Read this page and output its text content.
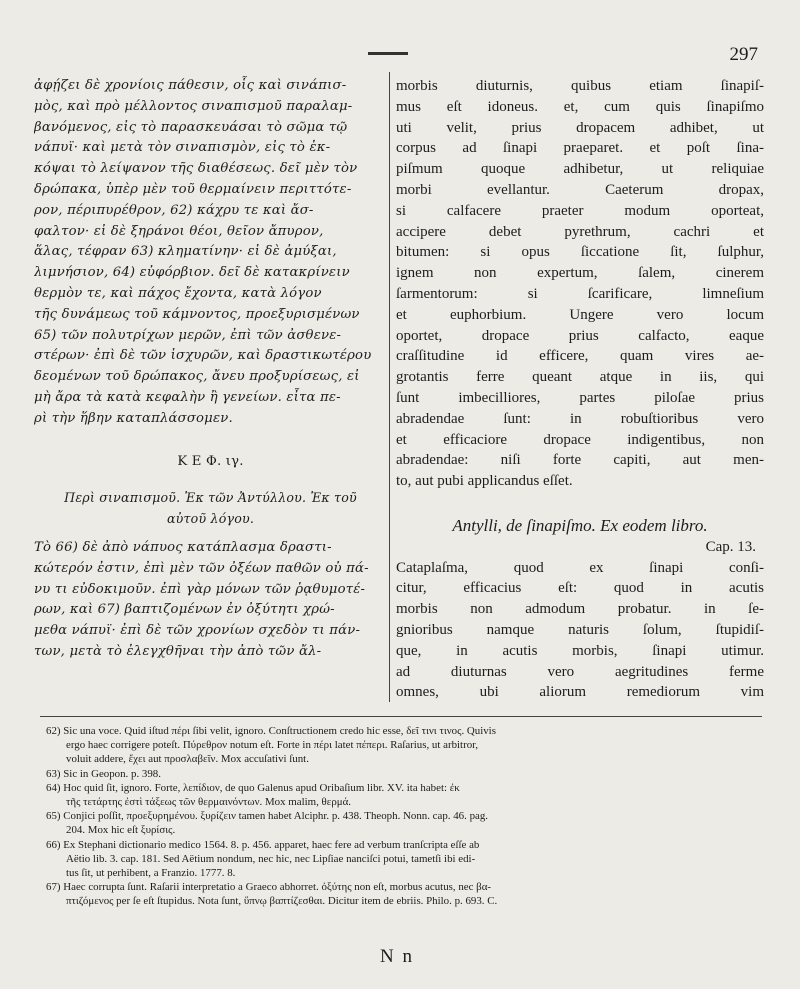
297
ἀφῄζει δὲ χρονίοις πάθεσιν, οἷς καὶ σινάπισ-
μὸς, καὶ πρὸ μέλλοντος σιναπισμοῦ παραλαμ-
βανόμενος, εἰς τὸ παρασκευάσαι τὸ σῶμα τῷ
νάπυϊ· καὶ μετὰ τὸν σιναπισμὸν, εἰς τὸ ἐκ-
κόψαι τὸ λείψανον τῆς διαθέσεως. δεῖ μὲν τὸν
δρώπακα, ὑπὲρ μὲν τοῦ θερμαίνειν περιττότε-
ρον, πέριπυρέθρον, 62) κάχρυ τε καὶ ἄσ-
φαλτον· εἰ δὲ ξηράνοι θέοι, θεῖον ἄπυρον,
ἅλας, τέφραν 63) κληματίνην· εἰ δὲ ἀμύξαι,
λιμνήσιον, 64) εὐφόρβιον. δεῖ δὲ κατακρίνειν
θερμὸν τε, καὶ πάχος ἔχοντα, κατὰ λόγον
τῆς δυνάμεως τοῦ κάμνοντος, προεξυρισμένων
65) τῶν πολυτρίχων μερῶν, ἐπὶ τῶν ἀσθενε-
στέρων· ἐπὶ δὲ τῶν ἰσχυρῶν, καὶ δραστικωτέρου
δεομένων τοῦ δρώπακος, ἄνευ προξυρίσεως, εἰ
μὴ ἄρα τὰ κατὰ κεφαλὴν ἢ γενείων. εἶτα πε-
ρὶ τὴν ἥβην καταπλάσσομεν.
Κ Ε Φ. ιγ.
Περὶ σιναπισμοῦ. Ἐκ τῶν Ἀντύλλου. Ἐκ τοῦ
αὐτοῦ λόγου.
Τὸ 66) δὲ ἀπὸ νάπυος κατάπλασμα δραστι-
κώτερόν ἐστιν, ἐπὶ μὲν τῶν ὀξέων παθῶν οὐ πά-
νυ τι εὐδοκιμοῦν. ἐπὶ γὰρ μόνων τῶν ῥᾳθυμοτέ-
ρων, καὶ 67) βαπτιζομένων ἐν ὀξύτητι χρώ-
μεθα νάπυϊ· ἐπὶ δὲ τῶν χρονίων σχεδὸν τι πάν-
των, μετὰ τὸ ἐλεγχθῆναι τὴν ἀπὸ τῶν ἄλ-
morbis diuturnis, quibus etiam ſinapiſ-
mus eſt idoneus. et, cum quis ſinapiſmo
uti velit, prius dropacem adhibet, ut
corpus ad ſinapi praeparet. et poſt ſina-
piſmum quoque adhibetur, ut reliquiae
morbi evellantur. Caeterum dropax,
si calfacere praeter modum oporteat,
accipere debet pyrethrum, cachri et
bitumen: si opus ſiccatione ſit, ſulphur,
ignem non expertum, ſalem, cinerem
ſarmentorum: si ſcarificare, limneſium
et euphorbium. Ungere vero locum
oportet, dropace prius calfacto, eaque
craſſitudine id efficere, quam vires ae-
grotantis ferre queant atque in iis, qui
ſunt imbecilliores, partes piloſae prius
abradendae ſunt: in robuſtioribus vero
et efficaciore dropace indigentibus, non
abradendae: niſi forte capiti, aut men-
to, aut pubi applicandus eſſet.
Antylli, de ſinapiſmo. Ex eodem libro.
Cap. 13.
Cataplaſma, quod ex ſinapi conſi-
citur, efficacius eſt: quod in acutis
morbis non admodum probatur. in ſe-
gnioribus namque naturis ſolum, ſtupidiſ-
que, in acutis morbis, ſinapi utimur.
ad diuturnas vero aegritudines ferme
omnes, ubi aliorum remediorum vim
62) Sic una voce. Quid iſtud πέρι ſibi velit, ignoro. Conſtructionem credo hic esse, δεῖ τινι τινος. Quivis
ergo haec corrigere poteſt. Πύρεθρον notum eſt. Forte in πέρι latet πέπερι. Raſarius, ut arbitror,
voluit addere, ἔχει aut προσλαβεῖν. Mox accuſativi ſunt.
63) Sic in Geopon. p. 398.
64) Hoc quid ſit, ignoro. Forte, λεπίδιον, de quo Galenus apud Oribaſium libr. XV. ita habet: ἐκ
τῆς τετάρτης ἐστὶ τάξεως τῶν θερμαινόντων. Mox malim, θερμά.
65) Conjici poſſit, προεξυρημένου. ξυρίζειν tamen habet Alciphr. p. 438. Theoph. Nonn. cap. 46. pag.
204. Mox hic eſt ξυρίσις.
66) Ex Stephani dictionario medico 1564. 8. p. 456. apparet, haec fere ad verbum tranſcripta eſſe ab
Aëtio lib. 3. cap. 181. Sed Aëtium nondum, nec hic, nec Lipſiae nanciſci potui, tametſi ibi edi-
tus ſit, ut perhibent, a Franzio. 1777. 8.
67) Haec corrupta ſunt. Raſarii interpretatio a Graeco abhorret. ὀξύτης non eſt, morbus acutus, nec βα-
πτιζόμενος per ſe eſt ſtupidus. Nota ſunt, ὕπνῳ βαπτίζεσθαι. Dicitur item de ebriis. Philo. p. 693. C.
N n
